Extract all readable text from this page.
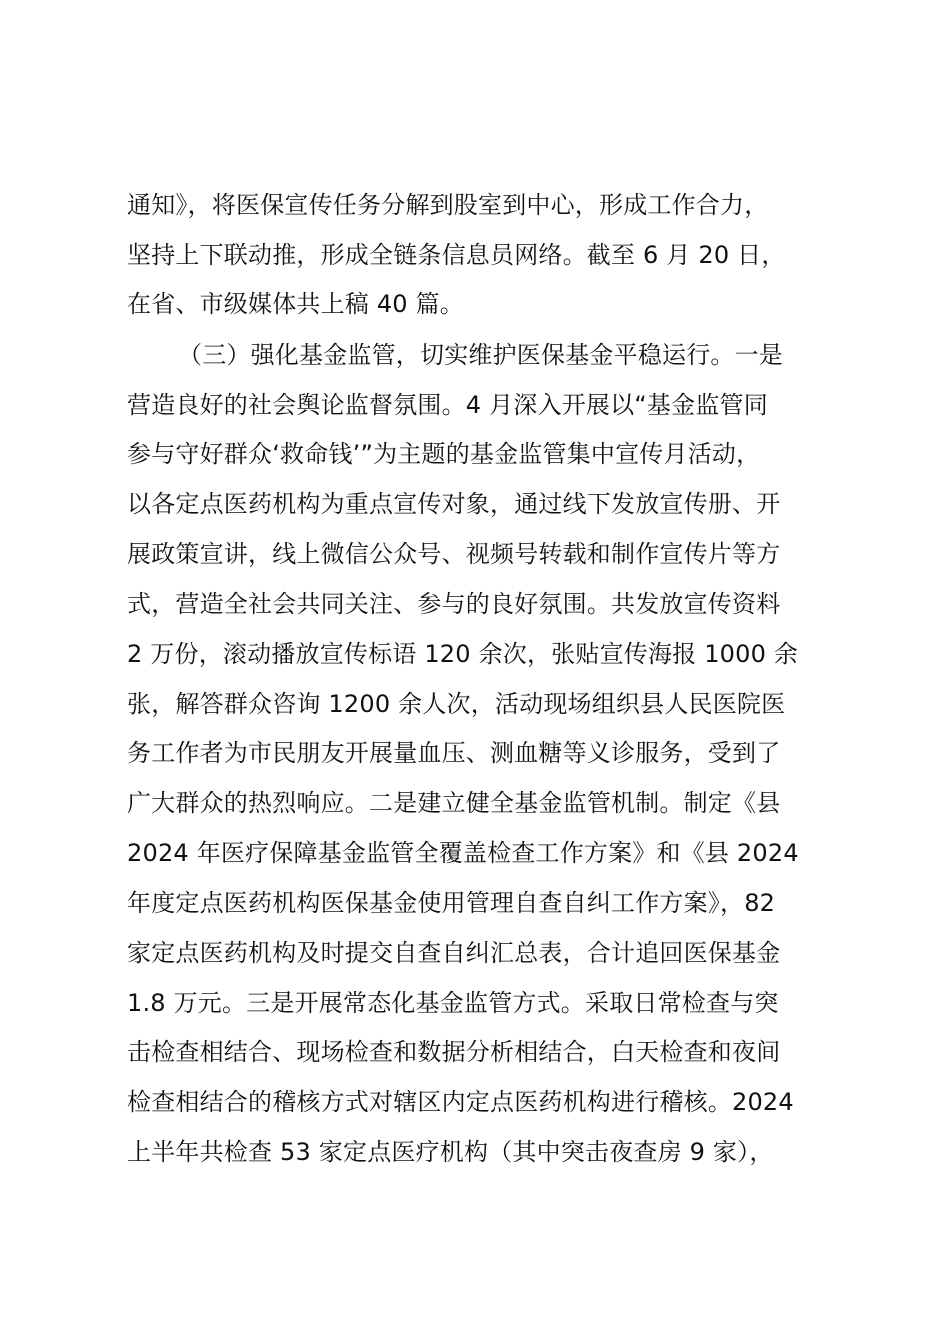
通知》，将医保宣传任务分解到股室到中心，形成工作合力，
坚持上下联动推，形成全链条信息员网络。截至 6 月 20 日，
在省、市级媒体共上稿 40 篇。
（三）强化基金监管，切实维护医保基金平稳运行。一是
营造良好的社会舆论监督氛围。4 月深入开展以“基金监管同
参与守好群众‘救命钱’”为主题的基金监管集中宣传月活动，
以各定点医药机构为重点宣传对象，通过线下发放宣传册、开
展政策宣讲，线上微信公众号、视频号转载和制作宣传片等方
式，营造全社会共同关注、参与的良好氛围。共发放宣传资料
2 万份，滚动播放宣传标语 120 余次，张贴宣传海报 1000 余
张，解答群众咨询 1200 余人次，活动现场组织县人民医院医
务工作者为市民朋友开展量血压、测血糖等义诊服务，受到了
广大群众的热烈响应。二是建立健全基金监管机制。制定《县
2024 年医疗保障基金监管全覆盖检查工作方案》和《县 2024
年度定点医药机构医保基金使用管理自查自纠工作方案》，82
家定点医药机构及时提交自查自纠汇总表，合计追回医保基金
1.8 万元。三是开展常态化基金监管方式。采取日常检查与突
击检查相结合、现场检查和数据分析相结合，白天检查和夜间
检查相结合的稽核方式对辖区内定点医药机构进行稽核。2024
上半年共检查 53 家定点医疗机构（其中突击夜查房 9 家），
